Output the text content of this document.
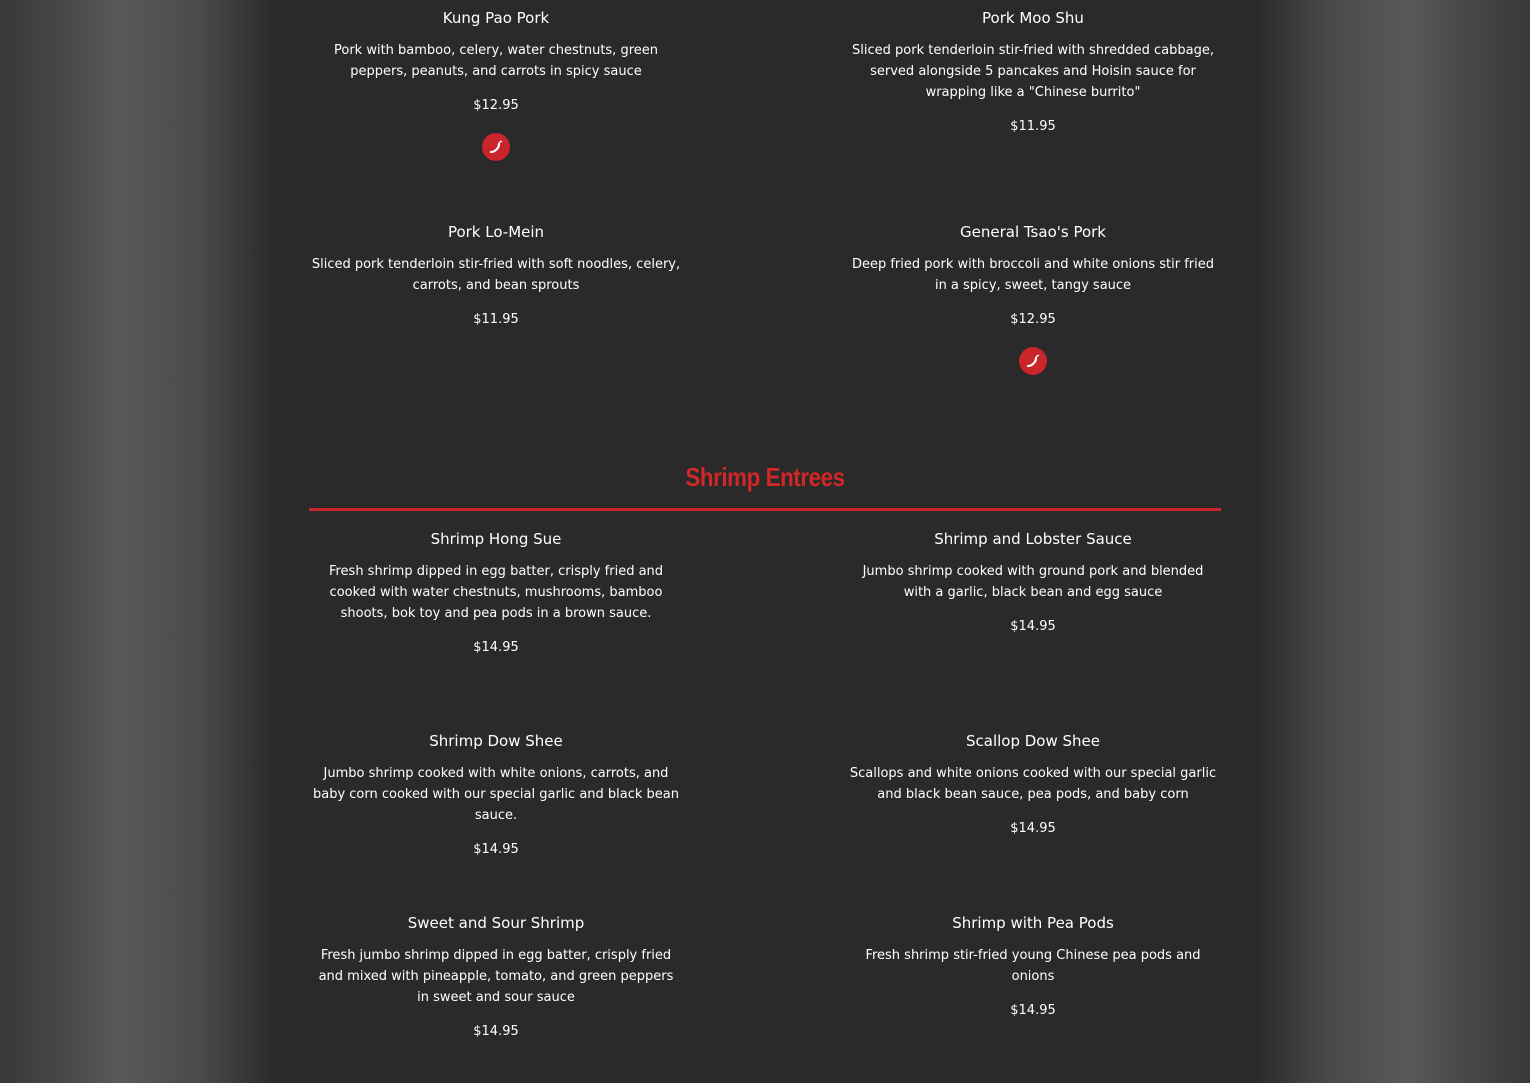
Kung Pao Pork

Pork with bamboo, celery, water chestnuts, green peppers, peanuts, and carrots in spicy sauce

$12.95

Pork Moo Shu

Sliced pork tenderloin stir-fried with shredded cabbage, served alongside 5 pancakes and Hoisin sauce for wrapping like a "Chinese burrito"

$11.95

Pork Lo-Mein

Sliced pork tenderloin stir-fried with soft noodles, celery, carrots, and bean sprouts

$11.95

General Tsao's Pork

Deep fried pork with broccoli and white onions stir fried in a spicy, sweet, tangy sauce

$12.95

Shrimp Entrees
Shrimp Hong Sue

Fresh shrimp dipped in egg batter, crisply fried and cooked with water chestnuts, mushrooms, bamboo shoots, bok toy and pea pods in a brown sauce.

$14.95

Shrimp and Lobster Sauce

Jumbo shrimp cooked with ground pork and blended with a garlic, black bean and egg sauce

$14.95

Shrimp Dow Shee

Jumbo shrimp cooked with white onions, carrots, and baby corn cooked with our special garlic and black bean sauce.

$14.95

Scallop Dow Shee

Scallops and white onions cooked with our special garlic and black bean sauce, pea pods, and baby corn

$14.95

Sweet and Sour Shrimp

Fresh jumbo shrimp dipped in egg batter, crisply fried and mixed with pineapple, tomato, and green peppers in sweet and sour sauce

$14.95

Shrimp with Pea Pods

Fresh shrimp stir-fried young Chinese pea pods and onions

$14.95
